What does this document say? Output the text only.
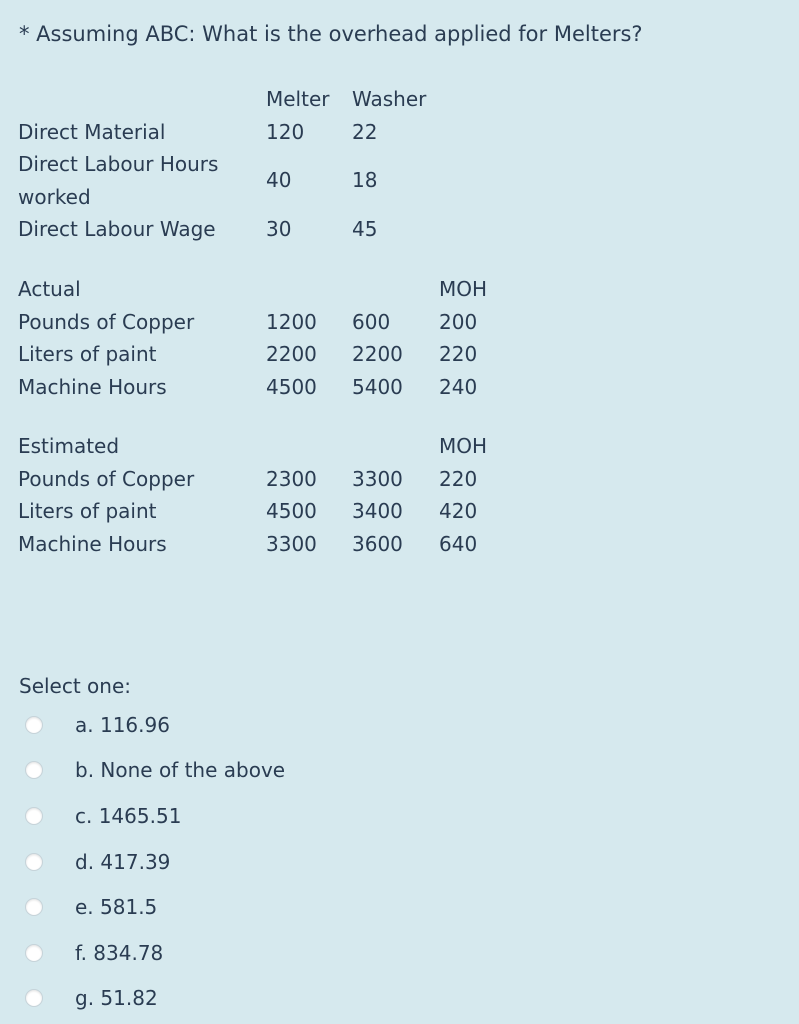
* Assuming ABC: What is the overhead applied for Melters?
	Melter	Washer
Direct Material	120	22
Direct Labour Hours worked	40	18
Direct Labour Wage	30	45
Actual			MOH
Pounds of Copper	1200	600	200
Liters of paint	2200	2200	220
Machine Hours	4500	5400	240
Estimated			MOH
Pounds of Copper	2300	3300	220
Liters of paint	4500	3400	420
Machine Hours	3300	3600	640
Select one:
a. 116.96
b. None of the above
c. 1465.51
d. 417.39
e. 581.5
f. 834.78
g. 51.82
